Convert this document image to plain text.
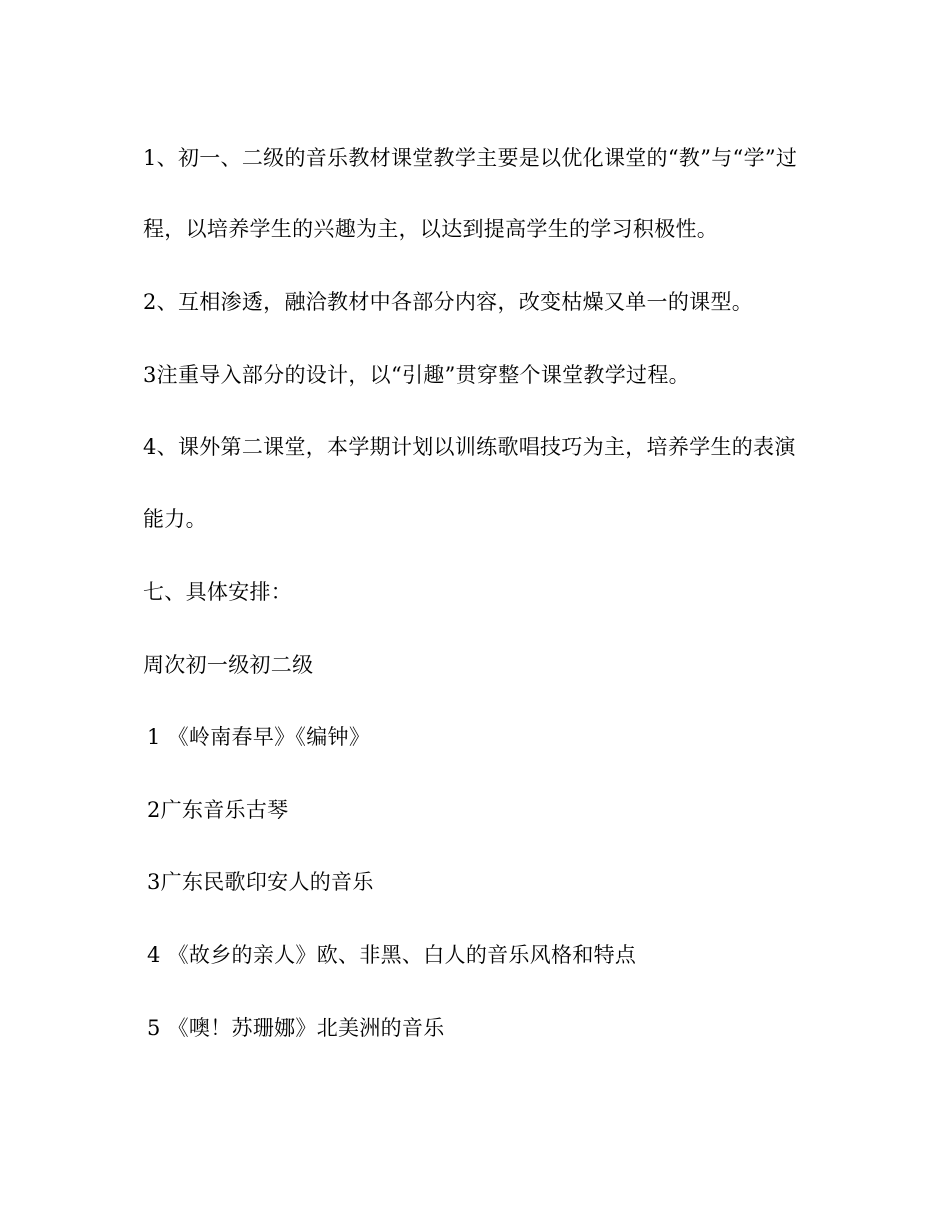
1、初一、二级的音乐教材课堂教学主要是以优化课堂的“教”与“学”过
程，以培养学生的兴趣为主，以达到提高学生的学习积极性。
2、互相渗透，融洽教材中各部分内容，改变枯燥又单一的课型。
3注重导入部分的设计，以“引趣”贯穿整个课堂教学过程。
4、课外第二课堂，本学期计划以训练歌唱技巧为主，培养学生的表演
能力。
七、具体安排：
周次初一级初二级
1 《岭南春早》《编钟》
2广东音乐古琴
3广东民歌印安人的音乐
4 《故乡的亲人》欧、非黑、白人的音乐风格和特点
5 《噢！苏珊娜》北美洲的音乐
